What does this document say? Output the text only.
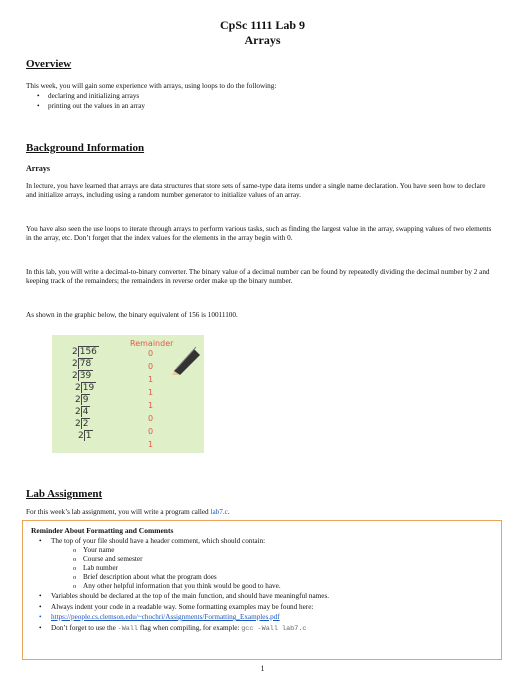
CpSc 1111 Lab 9
Arrays
Overview
This week, you will gain some experience with arrays, using loops to do the following:
• declaring and initializing arrays
• printing out the values in an array
Background Information
Arrays
In lecture, you have learned that arrays are data structures that store sets of same-type data items under a single name declaration. You have seen how to declare and initialize arrays, including using a random number generator to initialize values of an array.
You have also seen the use loops to iterate through arrays to perform various tasks, such as finding the largest value in the array, swapping values of two elements in the array, etc. Don’t forget that the index values for the elements in the array begin with 0.
In this lab, you will write a decimal-to-binary converter. The binary value of a decimal number can be found by repeatedly dividing the decimal number by 2 and keeping track of the remainders; the remainders in reverse order make up the binary number.
As shown in the graphic below, the binary equivalent of 156 is 10011100.
Remainder
2 156
2 78
2 39
2 19
2 9
2 4
2 2
2 1
0
0
1
1
1
0
0
1
Lab Assignment
For this week’s lab assignment, you will write a program called lab7.c.
Reminder About Formatting and Comments
• The top of your file should have a header comment, which should contain:
o Your name
o Course and semester
o Lab number
o Brief description about what the program does
o Any other helpful information that you think would be good to have.
• Variables should be declared at the top of the main function, and should have meaningful names.
• Always indent your code in a readable way. Some formatting examples may be found here:
• https://people.cs.clemson.edu/~chochri/Assignments/Formatting_Examples.pdf
• Don’t forget to use the -Wall flag when compiling, for example: gcc -Wall lab7.c
1
